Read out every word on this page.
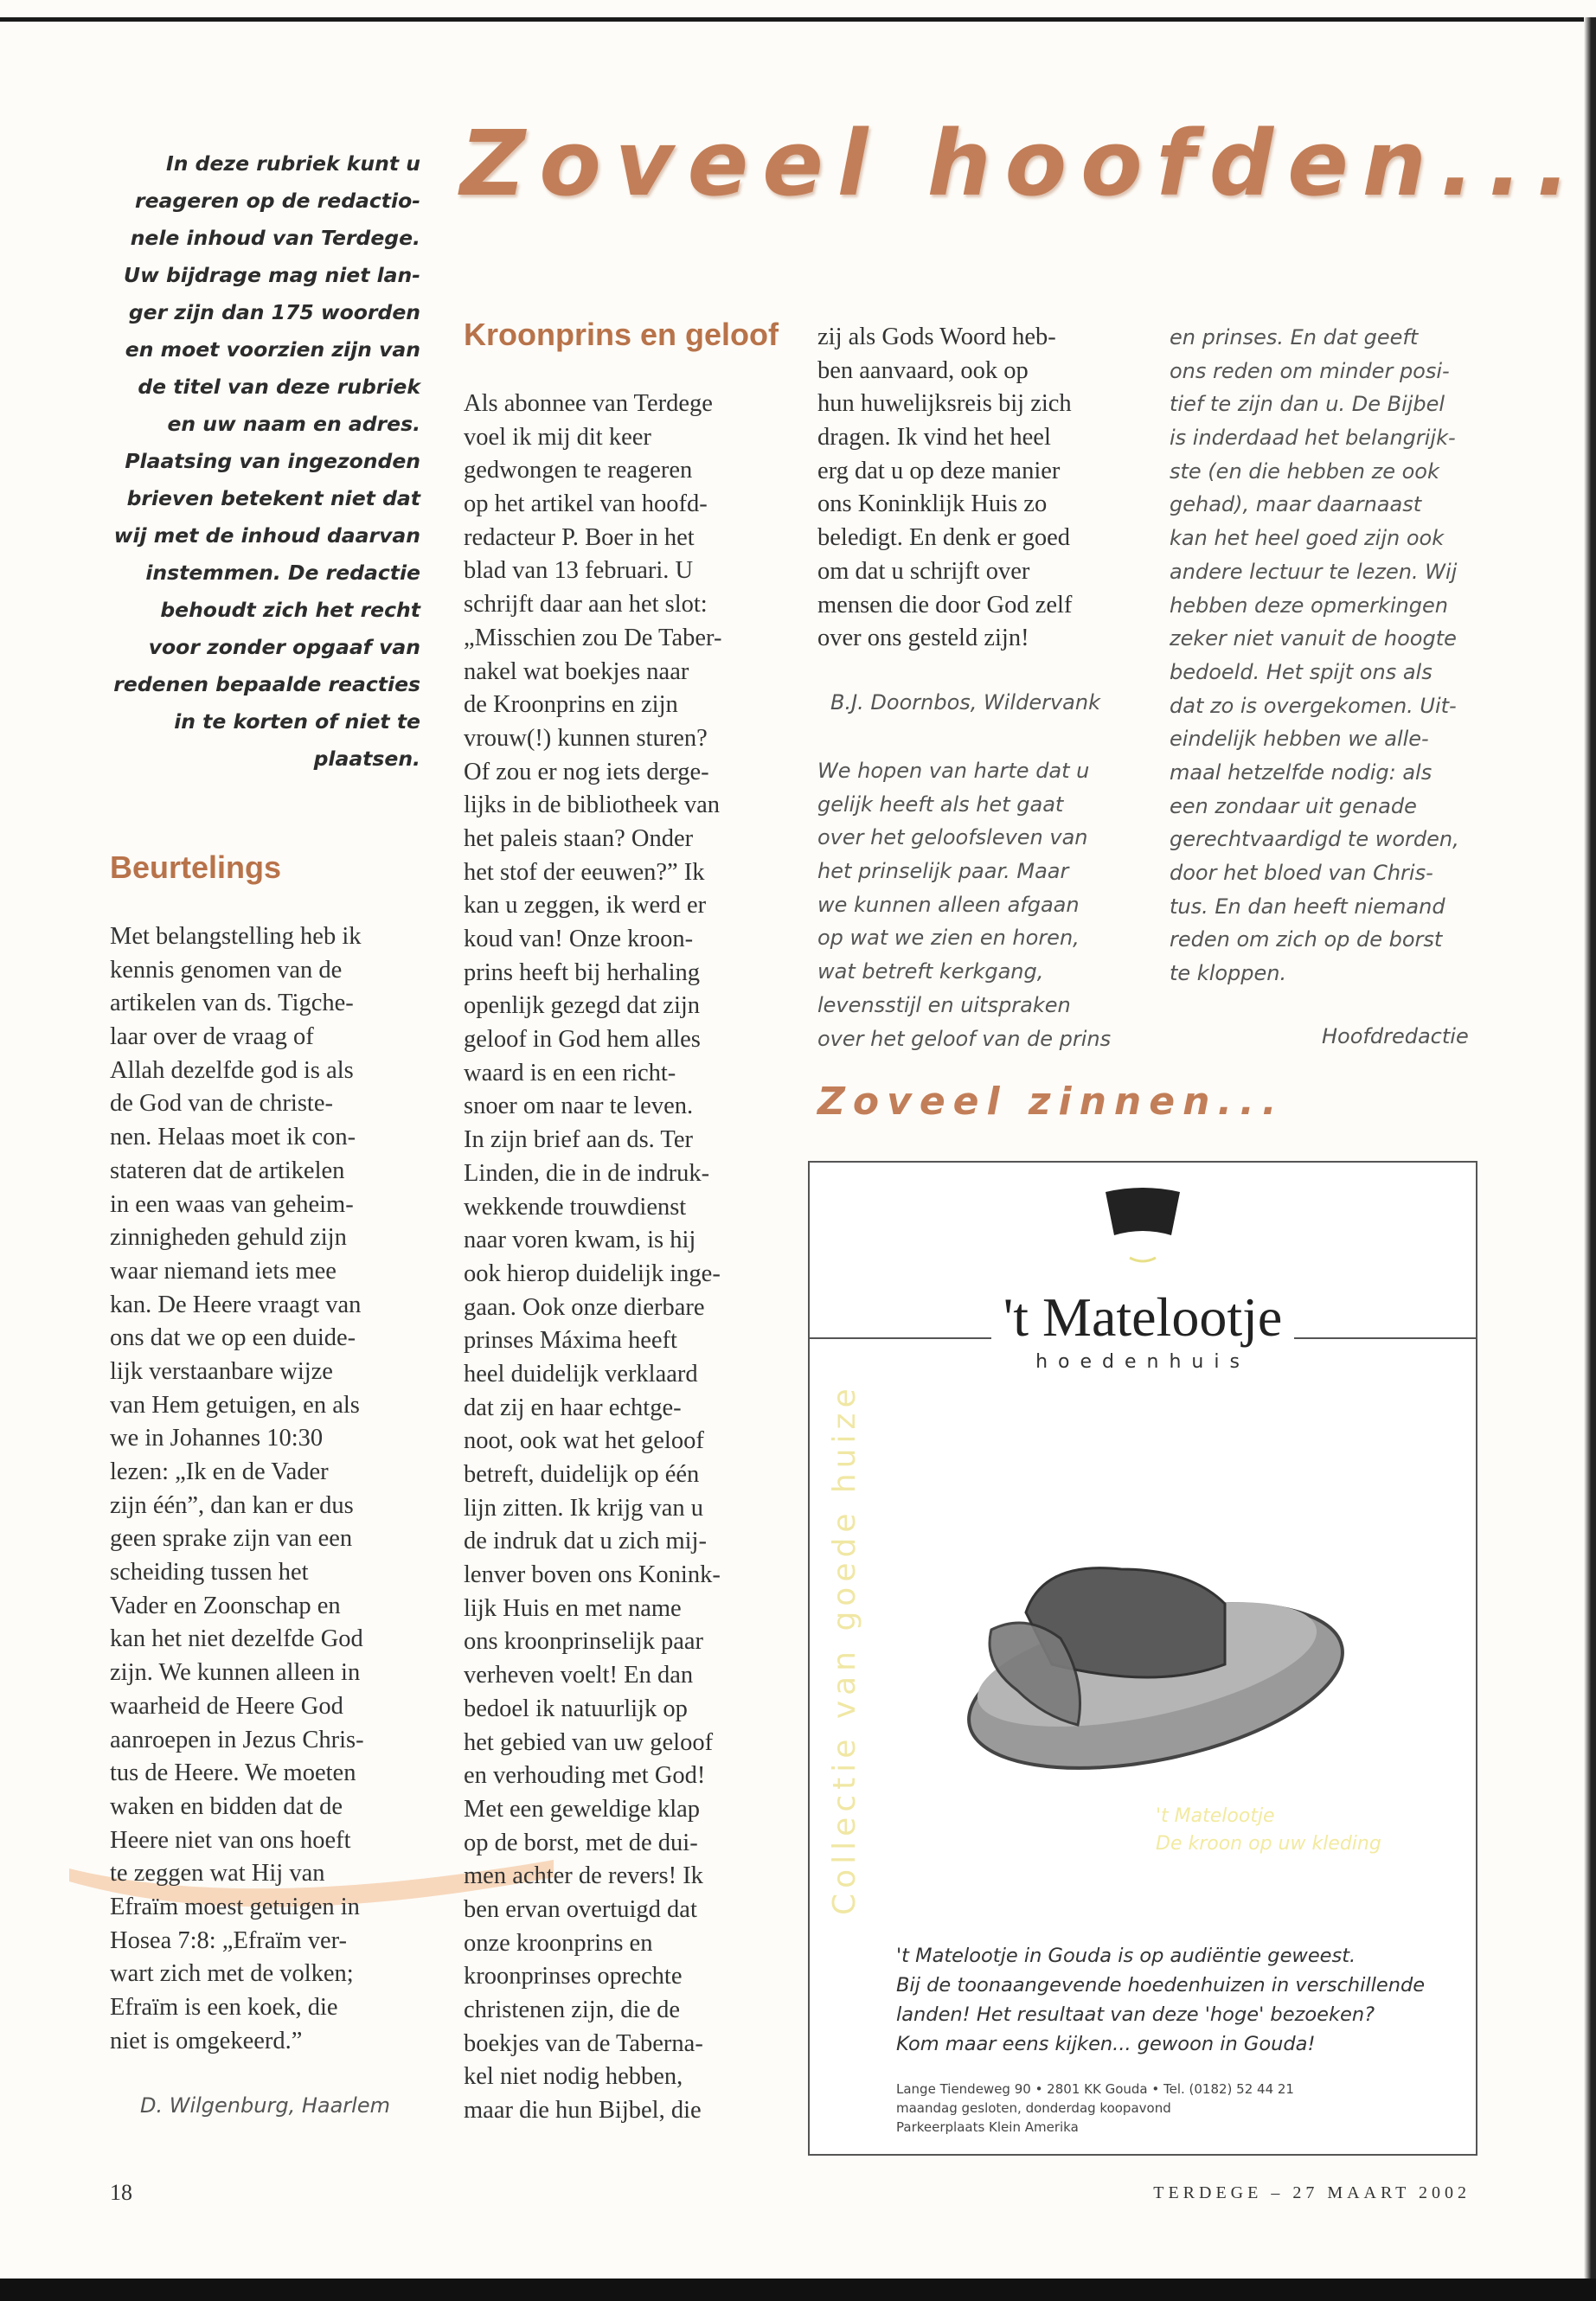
Zoveel hoofden...
In deze rubriek kunt u
reageren op de redactio-
nele inhoud van Terdege.
Uw bijdrage mag niet lan-
ger zijn dan 175 woorden
en moet voorzien zijn van
de titel van deze rubriek
en uw naam en adres.
Plaatsing van ingezonden
brieven betekent niet dat
wij met de inhoud daarvan
instemmen. De redactie
behoudt zich het recht
voor zonder opgaaf van
redenen bepaalde reacties
in te korten of niet te
plaatsen.
Beurtelings
Met belangstelling heb ik
kennis genomen van de
artikelen van ds. Tigche-
laar over de vraag of
Allah dezelfde god is als
de God van de christe-
nen. Helaas moet ik con-
stateren dat de artikelen
in een waas van geheim-
zinnigheden gehuld zijn
waar niemand iets mee
kan. De Heere vraagt van
ons dat we op een duide-
lijk verstaanbare wijze
van Hem getuigen, en als
we in Johannes 10:30
lezen: „Ik en de Vader
zijn één”, dan kan er dus
geen sprake zijn van een
scheiding tussen het
Vader en Zoonschap en
kan het niet dezelfde God
zijn. We kunnen alleen in
waarheid de Heere God
aanroepen in Jezus Chris-
tus de Heere. We moeten
waken en bidden dat de
Heere niet van ons hoeft
te zeggen wat Hij van
Efraïm moest getuigen in
Hosea 7:8: „Efraïm ver-
wart zich met de volken;
Efraïm is een koek, die
niet is omgekeerd.”
D. Wilgenburg, Haarlem
Kroonprins en geloof
Als abonnee van Terdege
voel ik mij dit keer
gedwongen te reageren
op het artikel van hoofd-
redacteur P. Boer in het
blad van 13 februari. U
schrijft daar aan het slot:
„Misschien zou De Taber-
nakel wat boekjes naar
de Kroonprins en zijn
vrouw(!) kunnen sturen?
Of zou er nog iets derge-
lijks in de bibliotheek van
het paleis staan? Onder
het stof der eeuwen?” Ik
kan u zeggen, ik werd er
koud van! Onze kroon-
prins heeft bij herhaling
openlijk gezegd dat zijn
geloof in God hem alles
waard is en een richt-
snoer om naar te leven.
In zijn brief aan ds. Ter
Linden, die in de indruk-
wekkende trouwdienst
naar voren kwam, is hij
ook hierop duidelijk inge-
gaan. Ook onze dierbare
prinses Máxima heeft
heel duidelijk verklaard
dat zij en haar echtge-
noot, ook wat het geloof
betreft, duidelijk op één
lijn zitten. Ik krijg van u
de indruk dat u zich mij-
lenver boven ons Konink-
lijk Huis en met name
ons kroonprinselijk paar
verheven voelt! En dan
bedoel ik natuurlijk op
het gebied van uw geloof
en verhouding met God!
Met een geweldige klap
op de borst, met de dui-
men achter de revers! Ik
ben ervan overtuigd dat
onze kroonprins en
kroonprinses oprechte
christenen zijn, die de
boekjes van de Taberna-
kel niet nodig hebben,
maar die hun Bijbel, die
zij als Gods Woord heb-
ben aanvaard, ook op
hun huwelijksreis bij zich
dragen. Ik vind het heel
erg dat u op deze manier
ons Koninklijk Huis zo
beledigt. En denk er goed
om dat u schrijft over
mensen die door God zelf
over ons gesteld zijn!
B.J. Doornbos, Wildervank
We hopen van harte dat u
gelijk heeft als het gaat
over het geloofsleven van
het prinselijk paar. Maar
we kunnen alleen afgaan
op wat we zien en horen,
wat betreft kerkgang,
levensstijl en uitspraken
over het geloof van de prins
en prinses. En dat geeft
ons reden om minder posi-
tief te zijn dan u. De Bijbel
is inderdaad het belangrijk-
ste (en die hebben ze ook
gehad), maar daarnaast
kan het heel goed zijn ook
andere lectuur te lezen. Wij
hebben deze opmerkingen
zeker niet vanuit de hoogte
bedoeld. Het spijt ons als
dat zo is overgekomen. Uit-
eindelijk hebben we alle-
maal hetzelfde nodig: als
een zondaar uit genade
gerechtvaardigd te worden,
door het bloed van Chris-
tus. En dan heeft niemand
reden om zich op de borst
te kloppen.
Hoofdredactie
Zoveel zinnen...
't Matelootje
hoedenhuis
Collectie van goede huize	't Matelootje
De kroon op uw kleding
't Matelootje in Gouda is op audiëntie geweest.
Bij de toonaangevende hoedenhuizen in verschillende
landen! Het resultaat van deze 'hoge' bezoeken?
Kom maar eens kijken... gewoon in Gouda!
Lange Tiendeweg 90 • 2801 KK Gouda • Tel. (0182) 52 44 21
maandag gesloten, donderdag koopavond
Parkeerplaats Klein Amerika
18	TERDEGE – 27 MAART 2002
